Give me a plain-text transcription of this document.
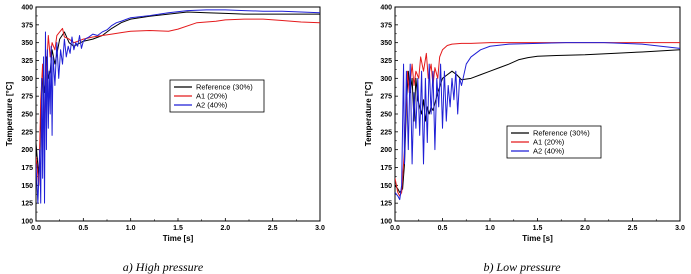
100
125
150
175
200
225
250
275
300
325
350
375
400
0.0	0.5	1.0	1.5	2.0	2.5	3.0
Time [s]
Temperature [°C]	Reference (30%)
A1 (20%)
A2 (40%)
a) High pressure
100
125
150
175
200
225
250
275
300
325
350
375
400
0.0	0.5	1.0	1.5	2.0	2.5	3.0
Time [s]
Temperature [°C]	Reference (30%)
A1 (20%)
A2 (40%)
b) Low pressure
